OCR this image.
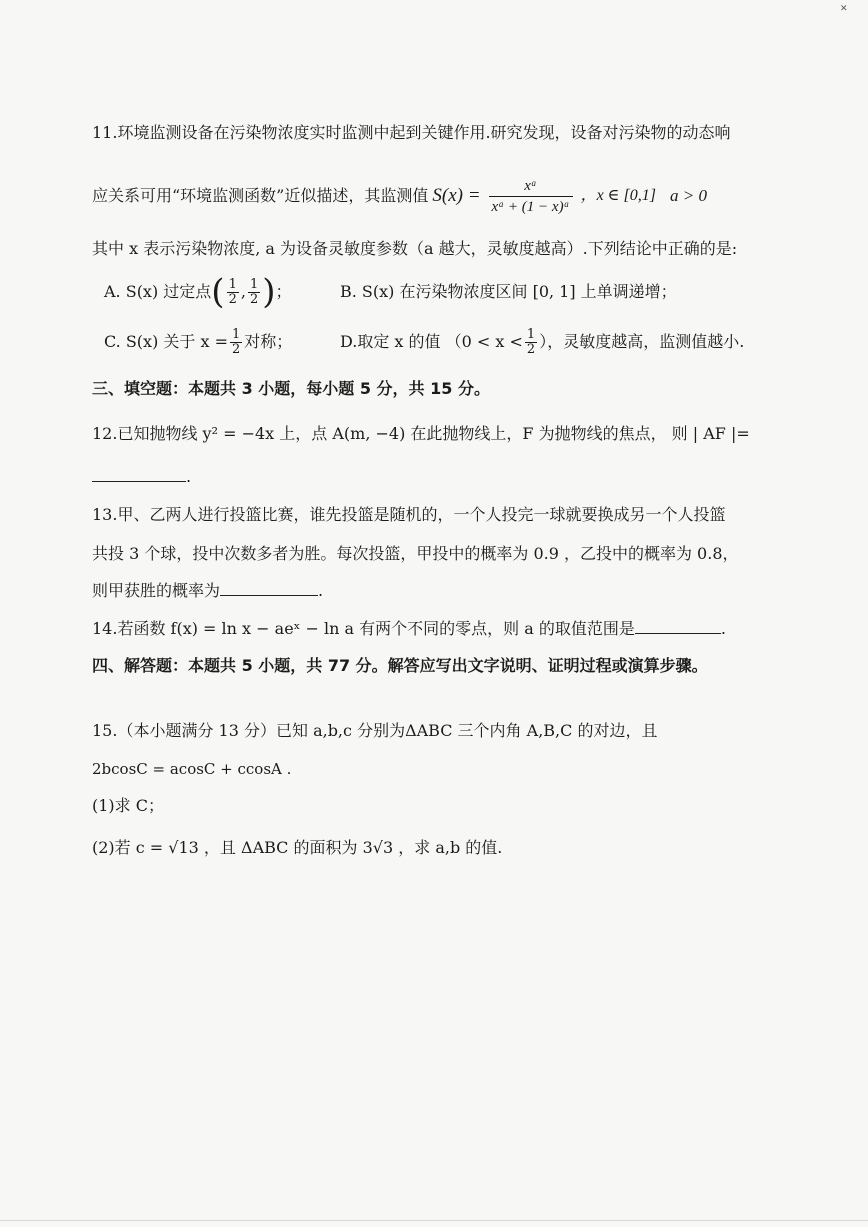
✕
11.环境监测设备在污染物浓度实时监测中起到关键作用.研究发现，设备对污染物的动态响
应关系可用“环境监测函数”近似描述，其监测值 $S(x) = \frac{\text{xᵃ}}{\text{xᵃ + (1 − x)ᵃ}}$ ，x ∈ [0,1] a > 0
其中 x 表示污染物浓度, a 为设备灵敏度参数（a 越大，灵敏度越高）.下列结论中正确的是:
A. S(x) 过定点 ( $\frac{1}{2}$ , $\frac{1}{2}$ ) ；	B. S(x) 在污染物浓度区间 [0, 1] 上单调递增；
C. S(x) 关于 $x = \frac{1}{2}$ 对称；	D.取定 x 的值 （$0 < x < \frac{1}{2}$ ），灵敏度越高，监测值越小.
三、填空题：本题共 3 小题，每小题 5 分，共 15 分。
12.已知抛物线 y² = −4x 上，点 A(m, −4) 在此抛物线上，F 为抛物线的焦点， 则 | AF |=
.
13.甲、乙两人进行投篮比赛，谁先投篮是随机的，一个人投完一球就要换成另一个人投篮
共投 3 个球，投中次数多者为胜。每次投篮，甲投中的概率为 0.9 ，乙投中的概率为 0.8，
则甲获胜的概率为	.
14.若函数 f(x) = ln x − aeˣ − ln a 有两个不同的零点，则 a 的取值范围是	.
四、解答题：本题共 5 小题，共 77 分。解答应写出文字说明、证明过程或演算步骤。
15.（本小题满分 13 分）已知 a,b,c 分别为ΔABC 三个内角 A,B,C 的对边，且
2bcosC = acosC + ccosA .
(1)求 C；
(2)若 c = √13 ，且 ΔABC 的面积为 3√3 ，求 a,b 的值.
